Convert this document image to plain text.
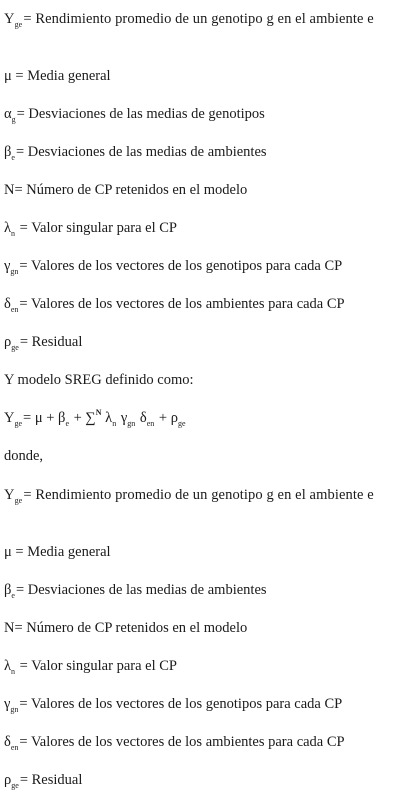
$Y_{ge}=$ Rendimiento promedio de un genotipo g en el ambiente e
μ = Media general
$\alpha_g=$ Desviaciones de las medias de genotipos
$\beta_e=$ Desviaciones de las medias de ambientes
N= Número de CP retenidos en el modelo
$\lambda_n$ = Valor singular para el CP
$\gamma_{gn}=$ Valores de los vectores de los genotipos para cada CP
$\delta_{en}=$ Valores de los vectores de los ambientes para cada CP
$\rho_{ge}=$ Residual
Y modelo SREG definido como:
$Y_{ge}= \mu + \beta_e + \sum^N$ $\lambda_n$ $\gamma_{gn}$ $\delta_{en} + \rho_{ge}$
donde,
$Y_{ge}=$ Rendimiento promedio de un genotipo g en el ambiente e
μ = Media general
$\beta_e=$ Desviaciones de las medias de ambientes
N= Número de CP retenidos en el modelo
$\lambda_n$ = Valor singular para el CP
$\gamma_{gn}=$ Valores de los vectores de los genotipos para cada CP
$\delta_{en}=$ Valores de los vectores de los ambientes para cada CP
$\rho_{ge}=$ Residual
